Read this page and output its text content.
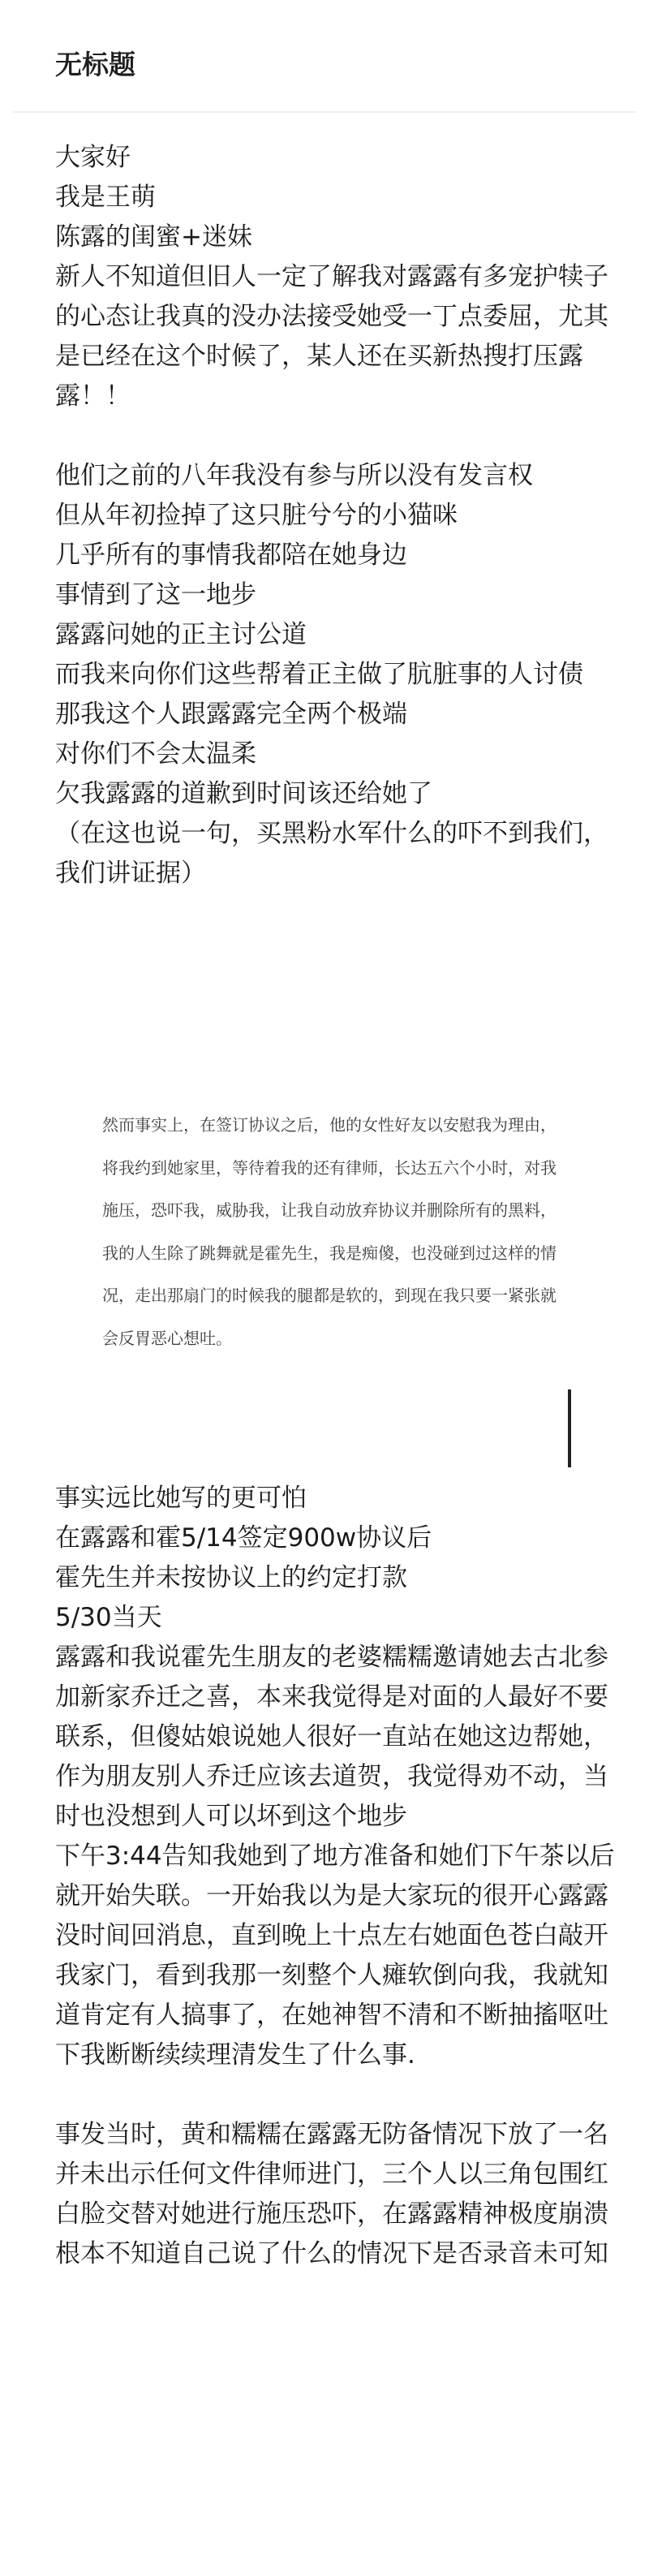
无标题

大家好

我是王萌

陈露的闺蜜+迷妹

新人不知道但旧人一定了解我对露露有多宠护犊子的心态让我真的没办法接受她受一丁点委屈，尤其是已经在这个时候了，某人还在买新热搜打压露露！！

他们之前的八年我没有参与所以没有发言权

但从年初捡掉了这只脏兮兮的小猫咪

几乎所有的事情我都陪在她身边

事情到了这一地步

露露问她的正主讨公道

而我来向你们这些帮着正主做了肮脏事的人讨债

那我这个人跟露露完全两个极端

对你们不会太温柔

欠我露露的道歉到时间该还给她了

（在这也说一句，买黑粉水军什么的吓不到我们，我们讲证据）

然而事实上，在签订协议之后，他的女性好友以安慰我为理由，将我约到她家里，等待着我的还有律师，长达五六个小时，对我施压，恐吓我，威胁我，让我自动放弃协议并删除所有的黑料，我的人生除了跳舞就是霍先生，我是痴傻，也没碰到过这样的情况，走出那扇门的时候我的腿都是软的，到现在我只要一紧张就会反胃恶心想吐。

事实远比她写的更可怕

在露露和霍5/14签定900w协议后

霍先生并未按协议上的约定打款

5/30当天

露露和我说霍先生朋友的老婆糯糯邀请她去古北参加新家乔迁之喜，本来我觉得是对面的人最好不要联系，但傻姑娘说她人很好一直站在她这边帮她，作为朋友别人乔迁应该去道贺，我觉得劝不动，当时也没想到人可以坏到这个地步

下午3:44告知我她到了地方准备和她们下午茶以后就开始失联。一开始我以为是大家玩的很开心露露没时间回消息，直到晚上十点左右她面色苍白敲开我家门，看到我那一刻整个人瘫软倒向我，我就知道肯定有人搞事了，在她神智不清和不断抽搐呕吐下我断断续续理清发生了什么事.

事发当时，黄和糯糯在露露无防备情况下放了一名并未出示任何文件律师进门，三个人以三角包围红白脸交替对她进行施压恐吓，在露露精神极度崩溃根本不知道自己说了什么的情况下是否录音未可知
